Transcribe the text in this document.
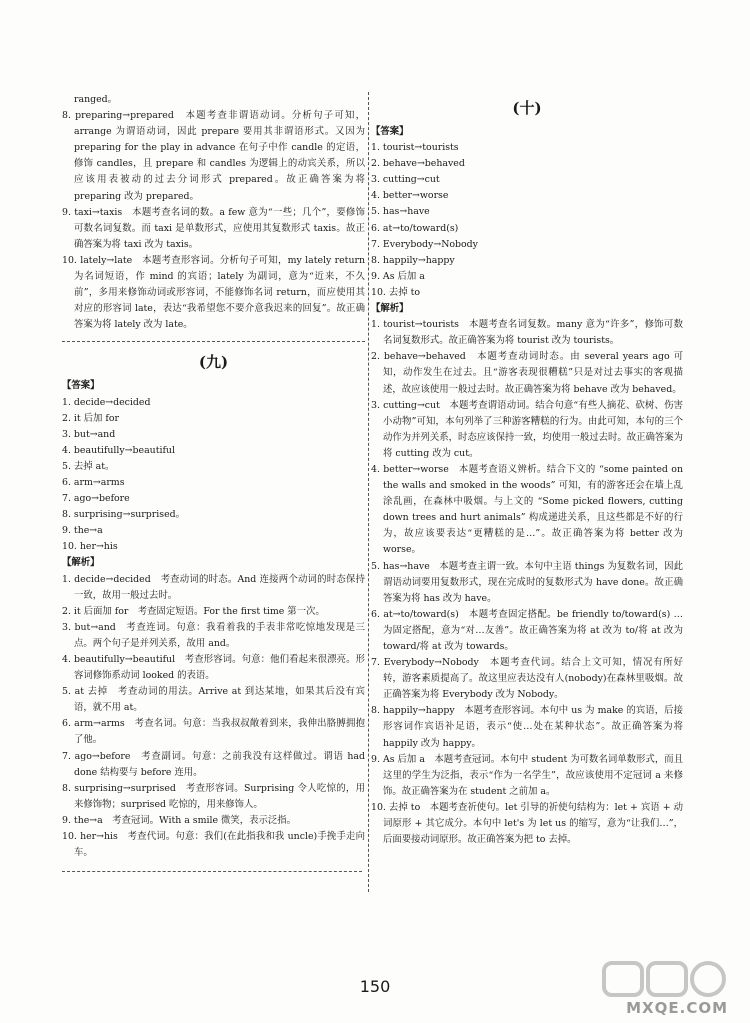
ranged。

8. preparing→prepared　本题考查非谓语动词。分析句子可知，arrange 为谓语动词，因此 prepare 要用其非谓语形式。又因为 preparing for the play in advance 在句子中作 candle 的定语，修饰 candles，且 prepare 和 candles 为逻辑上的动宾关系，所以应该用表被动的过去分词形式 prepared。故正确答案为将 preparing 改为 prepared。

9. taxi→taxis　本题考查名词的数。a few 意为“一些；几个”，要修饰可数名词复数。而 taxi 是单数形式，应使用其复数形式 taxis。故正确答案为将 taxi 改为 taxis。

10. lately→late　本题考查形容词。分析句子可知，my lately return 为名词短语，作 mind 的宾语；lately 为副词，意为“近来，不久前”，多用来修饰动词或形容词，不能修饰名词 return，而应使用其对应的形容词 late，表达“我希望您不要介意我迟来的回复”。故正确答案为将 lately 改为 late。

(九)
【答案】

1. decide→decided

2. it 后加 for

3. but→and

4. beautifully→beautiful

5. 去掉 at。

6. arm→arms

7. ago→before

8. surprising→surprised。

9. the→a

10. her→his

【解析】

1. decide→decided　考查动词的时态。And 连接两个动词的时态保持一致，故用一般过去时。

2. it 后面加 for　考查固定短语。For the first time 第一次。

3. but→and　考查连词。句意：我看着我的手表非常吃惊地发现是三点。两个句子是并列关系，故用 and。

4. beautifully→beautiful　考查形容词。句意：他们看起来很漂亮。形容词修饰系动词 looked 的表语。

5. at 去掉　考查动词的用法。Arrive at 到达某地，如果其后没有宾语，就不用 at。

6. arm→arms　考查名词。句意：当我叔叔敞着到来，我伸出胳膊拥抱了他。

7. ago→before　考查副词。句意：之前我没有这样做过。谓语 had done 结构要与 before 连用。

8. surprising→surprised　考查形容词。Surprising 令人吃惊的，用来修饰物；surprised 吃惊的，用来修饰人。

9. the→a　考查冠词。With a smile 微笑，表示泛指。

10. her→his　考查代词。句意：我们(在此指我和我 uncle)手挽手走向车。

(十)
【答案】

1. tourist→tourists

2. behave→behaved

3. cutting→cut

4. better→worse

5. has→have

6. at→to/toward(s)

7. Everybody→Nobody

8. happily→happy

9. As 后加 a

10. 去掉 to

【解析】

1. tourist→tourists　本题考查名词复数。many 意为“许多”，修饰可数名词复数形式。故正确答案为将 tourist 改为 tourists。

2. behave→behaved　本题考查动词时态。由 several years ago 可知，动作发生在过去。且“游客表现很糟糕”只是对过去事实的客观描述，故应该使用一般过去时。故正确答案为将 behave 改为 behaved。

3. cutting→cut　本题考查谓语动词。结合句意“有些人摘花、砍树、伤害小动物”可知，本句列举了三种游客糟糕的行为。由此可知，本句的三个动作为并列关系，时态应该保持一致，均使用一般过去时。故正确答案为将 cutting 改为 cut。

4. better→worse　本题考查语义辨析。结合下文的 “some painted on the walls and smoked in the woods” 可知，有的游客还会在墙上乱涂乱画，在森林中吸烟。与上文的 “Some picked flowers, cutting down trees and hurt animals” 构成递进关系，且这些都是不好的行为，故应该要表达“更糟糕的是…”。故正确答案为将 better 改为 worse。

5. has→have　本题考查主谓一致。本句中主语 things 为复数名词，因此谓语动词要用复数形式，现在完成时的复数形式为 have done。故正确答案为将 has 改为 have。

6. at→to/toward(s)　本题考查固定搭配。be friendly to/toward(s) … 为固定搭配，意为“对…友善”。故正确答案为将 at 改为 to/将 at 改为 toward/将 at 改为 towards。

7. Everybody→Nobody　本题考查代词。结合上文可知，情况有所好转，游客素质提高了。故这里应表达没有人(nobody)在森林里吸烟。故正确答案为将 Everybody 改为 Nobody。

8. happily→happy　本题考查形容词。本句中 us 为 make 的宾语，后接形容词作宾语补足语，表示“使…处在某种状态”。故正确答案为将 happily 改为 happy。

9. As 后加 a　本题考查冠词。本句中 student 为可数名词单数形式，而且这里的学生为泛指，表示“作为一名学生”，故应该使用不定冠词 a 来修饰。故正确答案为在 student 之前加 a。

10. 去掉 to　本题考查祈使句。let 引导的祈使句结构为：let + 宾语 + 动词原形 + 其它成分。本句中 let's 为 let us 的缩写，意为“让我们…”，后面要接动词原形。故正确答案为把 to 去掉。

150
MXQE.COM
